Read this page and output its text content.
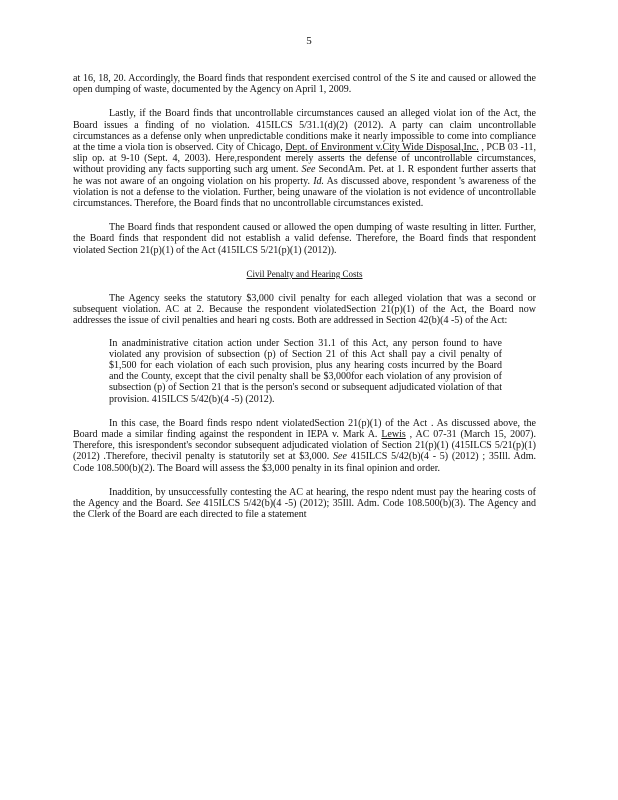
5

at 16, 18, 20. Accordingly, the Board finds that respondent exercised control of the S ite and caused or allowed the open dumping of waste, documented by the Agency on April 1, 2009.

Lastly, if the Board finds that uncontrollable circumstances caused an alleged violat ion of the Act, the Board issues a finding of no violation. 415ILCS 5/31.1(d)(2) (2012). A party can claim uncontrollable circumstances as a defense only when unpredictable conditions make it nearly impossible to come into compliance at the time a viola tion is observed. City of Chicago, Dept. of Environment v.City Wide Disposal,Inc. , PCB 03 -11, slip op. at 9-10 (Sept. 4, 2003). Here,respondent merely asserts the defense of uncontrollable circumstances, without providing any facts supporting such arg ument. See SecondAm. Pet. at 1. R espondent further asserts that he was not aware of an ongoing violation on his property. Id. As discussed above, respondent 's awareness of the violation is not a defense to the violation. Further, being unaware of the violation is not evidence of uncontrollable circumstances. Therefore, the Board finds that no uncontrollable circumstances existed.

The Board finds that respondent caused or allowed the open dumping of waste resulting in litter. Further, the Board finds that respondent did not establish a valid defense. Therefore, the Board finds that respondent violated Section 21(p)(1) of the Act (415ILCS 5/21(p)(1) (2012)).

Civil Penalty and Hearing Costs

The Agency seeks the statutory $3,000 civil penalty for each alleged violation that was a second or subsequent violation. AC at 2. Because the respondent violatedSection 21(p)(1) of the Act, the Board now addresses the issue of civil penalties and heari ng costs. Both are addressed in Section 42(b)(4 -5) of the Act:

In anadministrative citation action under Section 31.1 of this Act, any person found to have violated any provision of subsection (p) of Section 21 of this Act shall pay a civil penalty of $1,500 for each violation of each such provision, plus any hearing costs incurred by the Board and the County, except that the civil penalty shall be $3,000for each violation of any provision of subsection (p) of Section 21 that is the person's second or subsequent adjudicated violation of that provision. 415ILCS 5/42(b)(4 -5) (2012).

In this case, the Board finds respo ndent violatedSection 21(p)(1) of the Act . As discussed above, the Board made a similar finding against the respondent in IEPA v. Mark A. Lewis , AC 07-31 (March 15, 2007). Therefore, this isrespondent's secondor subsequent adjudicated violation of Section 21(p)(1) (415ILCS 5/21(p)(1) (2012) .Therefore, thecivil penalty is statutorily set at $3,000. See 415ILCS 5/42(b)(4 - 5) (2012) ; 35Ill. Adm. Code 108.500(b)(2). The Board will assess the $3,000 penalty in its final opinion and order.

Inaddition, by unsuccessfully contesting the AC at hearing, the respo ndent must pay the hearing costs of the Agency and the Board. See 415ILCS 5/42(b)(4 -5) (2012); 35Ill. Adm. Code 108.500(b)(3). The Agency and the Clerk of the Board are each directed to file a statement
